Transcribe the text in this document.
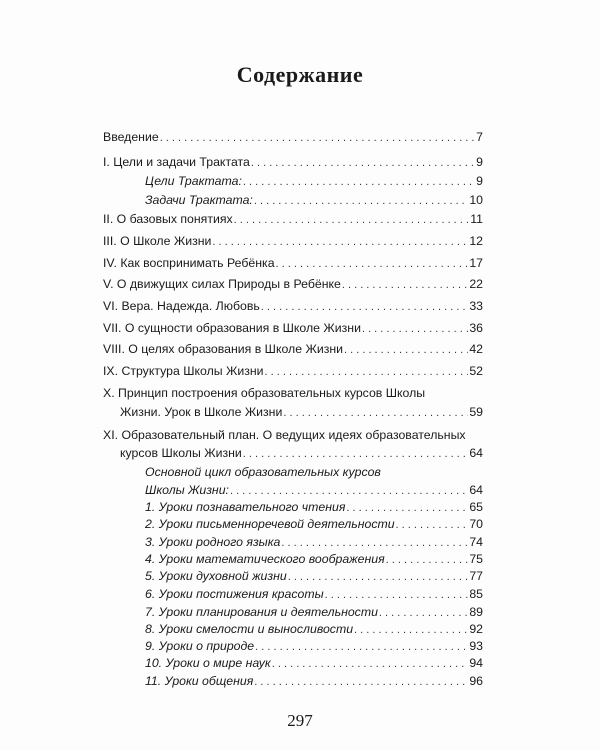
Содержание
Введение . . .	7
I. Цели и задачи Трактата . . .	9
Цели Трактата: . . .	9
Задачи Трактата: . . .	10
II. О базовых понятиях . . .	11
III. О Школе Жизни . . .	12
IV. Как воспринимать Ребёнка . . .	17
V. О движущих силах Природы в Ребёнке . . .	22
VI. Вера. Надежда. Любовь . . .	33
VII. О сущности образования в Школе Жизни . . .	36
VIII. О целях образования в Школе Жизни . . .	42
IX. Структура Школы Жизни . . .	52
X. Принцип построения образовательных курсов Школы
Жизни. Урок в Школе Жизни . . .	59
XI. Образовательный план. О ведущих идеях образовательных
курсов Школы Жизни . . .	64
Основной цикл образовательных курсов
Школы Жизни: . . .	64
1. Уроки познавательного чтения . . .	65
2. Уроки письменноречевой деятельности . . .	70
3. Уроки родного языка . . .	74
4. Уроки математического воображения . . .	75
5. Уроки духовной жизни . . .	77
6. Уроки постижения красоты . . .	85
7. Уроки планирования и деятельности . . .	89
8. Уроки смелости и выносливости . . .	92
9. Уроки о природе . . .	93
10. Уроки о мире наук . . .	94
11. Уроки общения . . .	96
297
